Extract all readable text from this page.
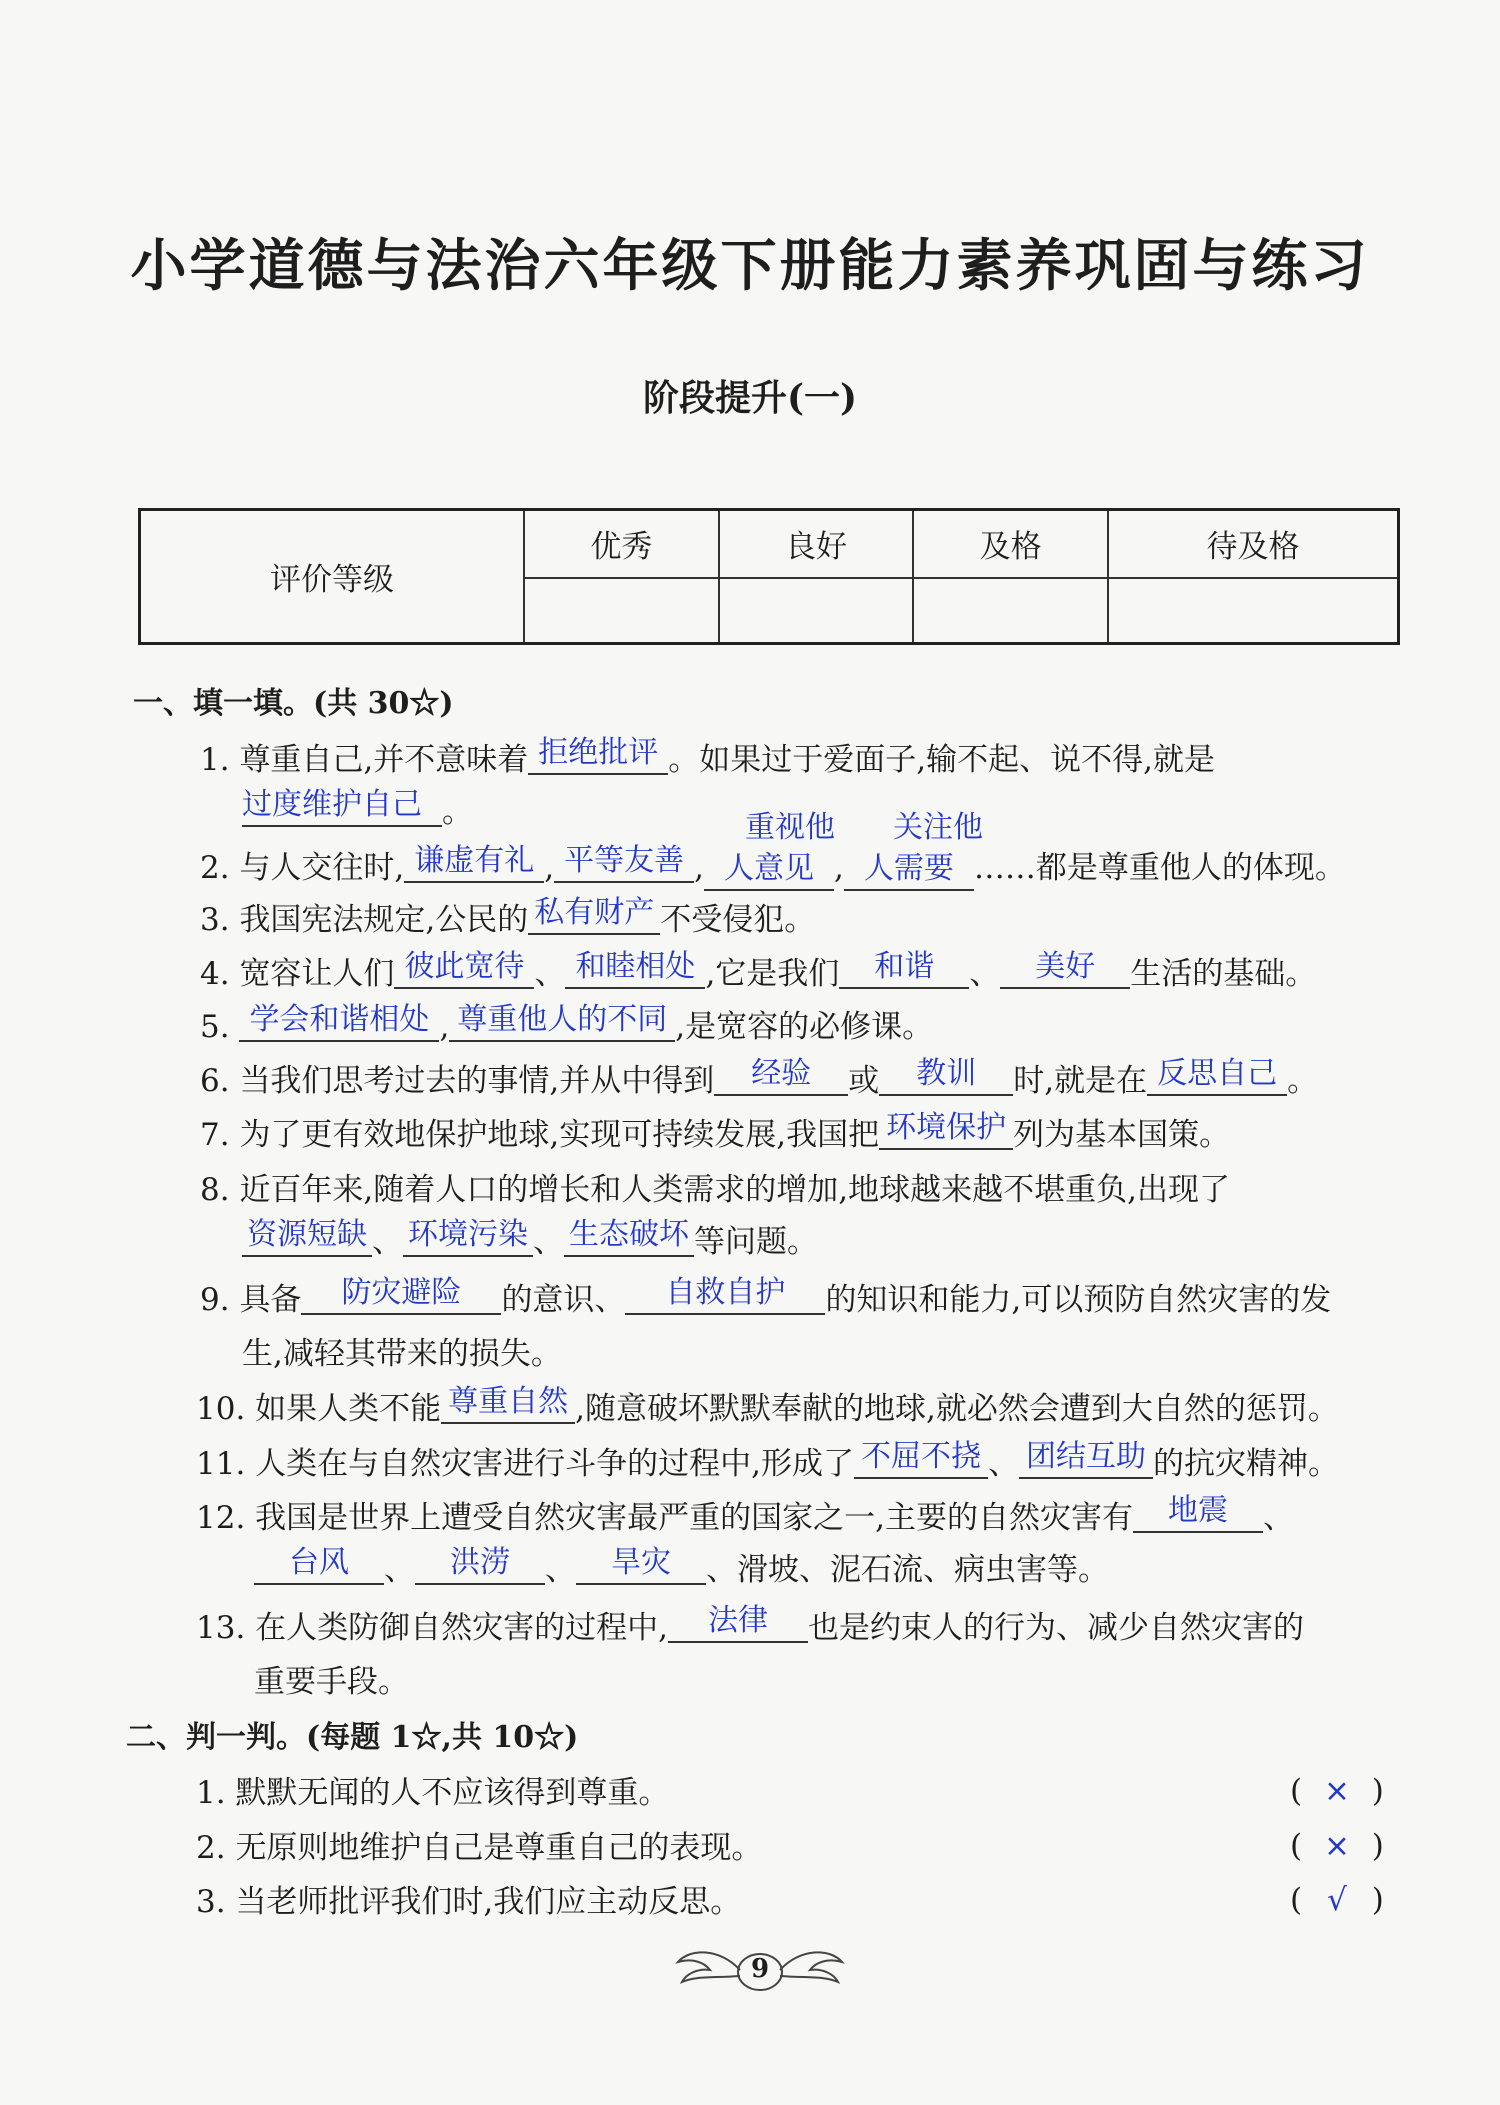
小学道德与法治六年级下册能力素养巩固与练习
阶段提升(一)
评价等级	优秀	良好	及格	待及格

一、填一填。(共 30☆)
1. 尊重自己,并不意味着 拒绝批评 。如果过于爱面子,输不起、说不得,就是
过度维护自己 。	重视他 关注他
2. 与人交往时, 谦虚有礼 , 平等友善 , 人意见 , 人需要 ……都是尊重他人的体现。
3. 我国宪法规定,公民的 私有财产 不受侵犯。
4. 宽容让人们 彼此宽待 、 和睦相处 ,它是我们 和谐 、 美好 生活的基础。
5. 学会和谐相处 , 尊重他人的不同 ,是宽容的必修课。
6. 当我们思考过去的事情,并从中得到 经验 或 教训 时,就是在 反思自己 。
7. 为了更有效地保护地球,实现可持续发展,我国把 环境保护 列为基本国策。
8. 近百年来,随着人口的增长和人类需求的增加,地球越来越不堪重负,出现了
资源短缺 、 环境污染 、 生态破坏 等问题。
9. 具备 防灾避险 的意识、 自救自护 的知识和能力,可以预防自然灾害的发
生,减轻其带来的损失。
10. 如果人类不能 尊重自然 ,随意破坏默默奉献的地球,就必然会遭到大自然的惩罚。
11. 人类在与自然灾害进行斗争的过程中,形成了 不屈不挠 、 团结互助 的抗灾精神。
12. 我国是世界上遭受自然灾害最严重的国家之一,主要的自然灾害有 地震 、
台风 、 洪涝 、 旱灾 、滑坡、泥石流、病虫害等。
13. 在人类防御自然灾害的过程中, 法律 也是约束人的行为、减少自然灾害的
重要手段。
二、判一判。(每题 1☆,共 10☆)
1. 默默无闻的人不应该得到尊重。	( × )
2. 无原则地维护自己是尊重自己的表现。	( × )
3. 当老师批评我们时,我们应主动反思。	( √ )
9
